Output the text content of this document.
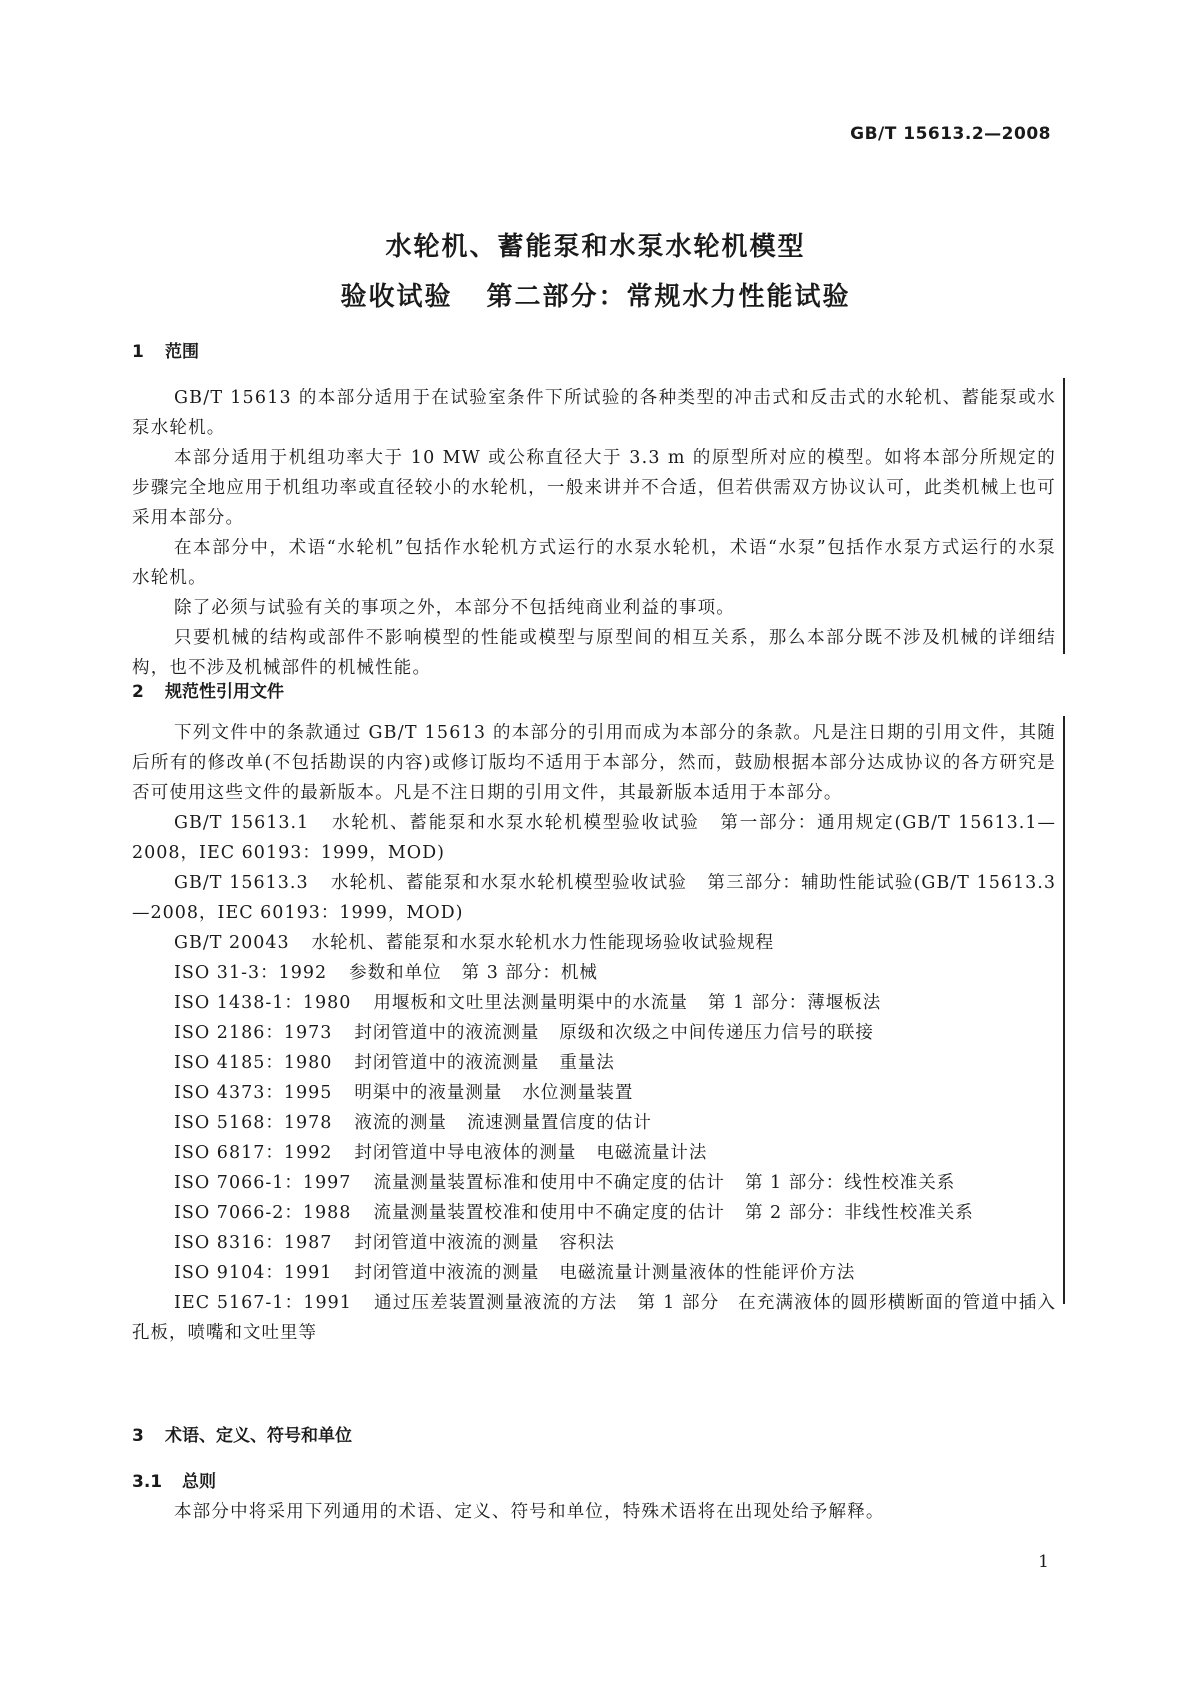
GB/T 15613.2—2008
水轮机、蓄能泵和水泵水轮机模型
验收试验 第二部分：常规水力性能试验
1 范围

GB/T 15613 的本部分适用于在试验室条件下所试验的各种类型的冲击式和反击式的水轮机、蓄能泵或水泵水轮机。

本部分适用于机组功率大于 10 MW 或公称直径大于 3.3 m 的原型所对应的模型。如将本部分所规定的步骤完全地应用于机组功率或直径较小的水轮机，一般来讲并不合适，但若供需双方协议认可，此类机械上也可采用本部分。

在本部分中，术语“水轮机”包括作水轮机方式运行的水泵水轮机，术语“水泵”包括作水泵方式运行的水泵水轮机。

除了必须与试验有关的事项之外，本部分不包括纯商业利益的事项。

只要机械的结构或部件不影响模型的性能或模型与原型间的相互关系，那么本部分既不涉及机械的详细结构，也不涉及机械部件的机械性能。

2 规范性引用文件

下列文件中的条款通过 GB/T 15613 的本部分的引用而成为本部分的条款。凡是注日期的引用文件，其随后所有的修改单(不包括勘误的内容)或修订版均不适用于本部分，然而，鼓励根据本部分达成协议的各方研究是否可使用这些文件的最新版本。凡是不注日期的引用文件，其最新版本适用于本部分。

GB/T 15613.1 水轮机、蓄能泵和水泵水轮机模型验收试验 第一部分：通用规定(GB/T 15613.1—2008，IEC 60193：1999，MOD)

GB/T 15613.3 水轮机、蓄能泵和水泵水轮机模型验收试验 第三部分：辅助性能试验(GB/T 15613.3—2008，IEC 60193：1999，MOD)

GB/T 20043 水轮机、蓄能泵和水泵水轮机水力性能现场验收试验规程

ISO 31-3：1992 参数和单位 第 3 部分：机械

ISO 1438-1：1980 用堰板和文吐里法测量明渠中的水流量 第 1 部分：薄堰板法

ISO 2186：1973 封闭管道中的液流测量 原级和次级之中间传递压力信号的联接

ISO 4185：1980 封闭管道中的液流测量 重量法

ISO 4373：1995 明渠中的液量测量 水位测量装置

ISO 5168：1978 液流的测量 流速测量置信度的估计

ISO 6817：1992 封闭管道中导电液体的测量 电磁流量计法

ISO 7066-1：1997 流量测量装置标准和使用中不确定度的估计 第 1 部分：线性校准关系

ISO 7066-2：1988 流量测量装置校准和使用中不确定度的估计 第 2 部分：非线性校准关系

ISO 8316：1987 封闭管道中液流的测量 容积法

ISO 9104：1991 封闭管道中液流的测量 电磁流量计测量液体的性能评价方法

IEC 5167-1：1991 通过压差装置测量液流的方法 第 1 部分　在充满液体的圆形横断面的管道中插入孔板，喷嘴和文吐里等

3 术语、定义、符号和单位
3.1 总则

本部分中将采用下列通用的术语、定义、符号和单位，特殊术语将在出现处给予解释。

1
